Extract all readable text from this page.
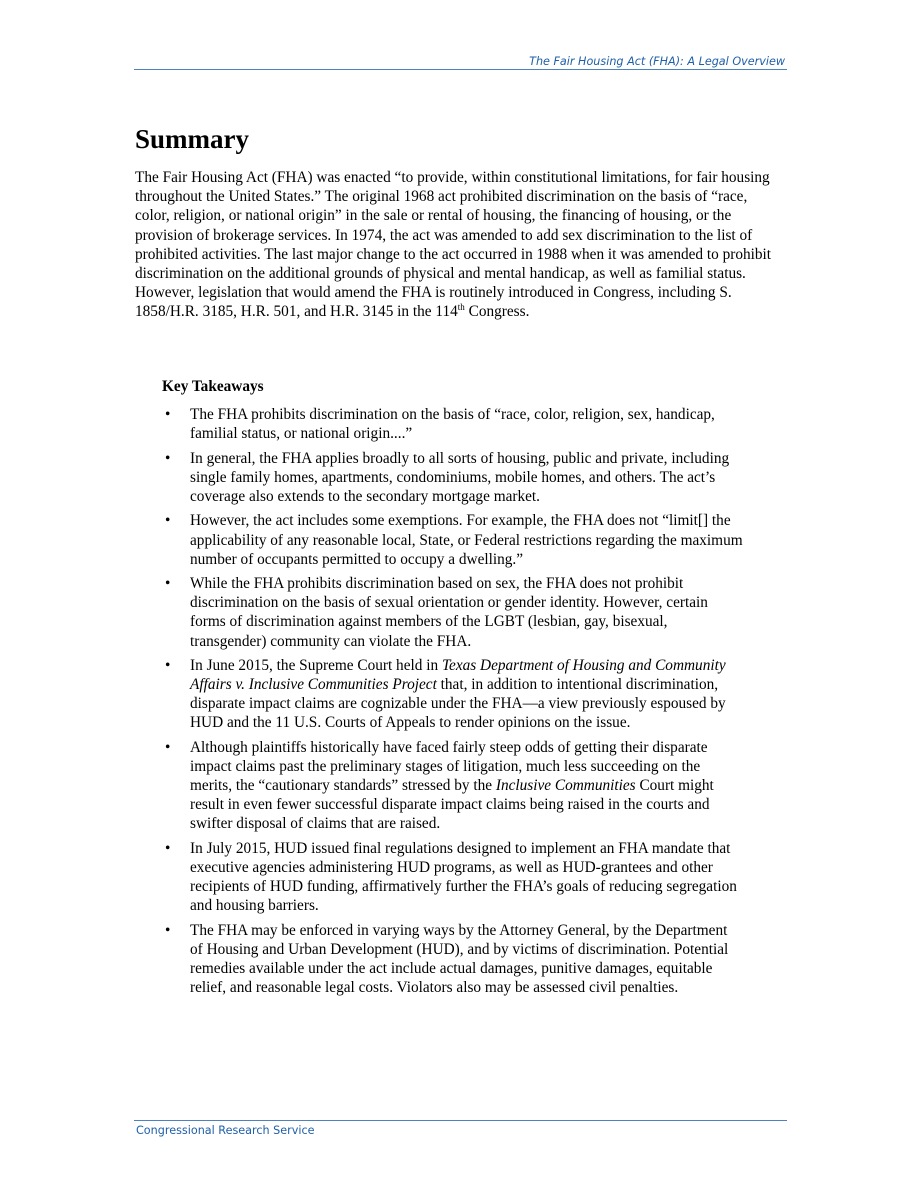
The Fair Housing Act (FHA): A Legal Overview
Summary

The Fair Housing Act (FHA) was enacted “to provide, within constitutional limitations, for fair housing throughout the United States.” The original 1968 act prohibited discrimination on the basis of “race, color, religion, or national origin” in the sale or rental of housing, the financing of housing, or the provision of brokerage services. In 1974, the act was amended to add sex discrimination to the list of prohibited activities. The last major change to the act occurred in 1988 when it was amended to prohibit discrimination on the additional grounds of physical and mental handicap, as well as familial status. However, legislation that would amend the FHA is routinely introduced in Congress, including S. 1858/H.R. 3185, H.R. 501, and H.R. 3145 in the 114th Congress.

Key Takeaways
• The FHA prohibits discrimination on the basis of “race, color, religion, sex, handicap, familial status, or national origin....”
• In general, the FHA applies broadly to all sorts of housing, public and private, including single family homes, apartments, condominiums, mobile homes, and others. The act’s coverage also extends to the secondary mortgage market.
• However, the act includes some exemptions. For example, the FHA does not “limit[] the applicability of any reasonable local, State, or Federal restrictions regarding the maximum number of occupants permitted to occupy a dwelling.”
• While the FHA prohibits discrimination based on sex, the FHA does not prohibit discrimination on the basis of sexual orientation or gender identity. However, certain forms of discrimination against members of the LGBT (lesbian, gay, bisexual, transgender) community can violate the FHA.
• In June 2015, the Supreme Court held in Texas Department of Housing and Community Affairs v. Inclusive Communities Project that, in addition to intentional discrimination, disparate impact claims are cognizable under the FHA—a view previously espoused by HUD and the 11 U.S. Courts of Appeals to render opinions on the issue.
• Although plaintiffs historically have faced fairly steep odds of getting their disparate impact claims past the preliminary stages of litigation, much less succeeding on the merits, the “cautionary standards” stressed by the Inclusive Communities Court might result in even fewer successful disparate impact claims being raised in the courts and swifter disposal of claims that are raised.
• In July 2015, HUD issued final regulations designed to implement an FHA mandate that executive agencies administering HUD programs, as well as HUD-grantees and other recipients of HUD funding, affirmatively further the FHA’s goals of reducing segregation and housing barriers.
• The FHA may be enforced in varying ways by the Attorney General, by the Department of Housing and Urban Development (HUD), and by victims of discrimination. Potential remedies available under the act include actual damages, punitive damages, equitable relief, and reasonable legal costs. Violators also may be assessed civil penalties.
Congressional Research Service
